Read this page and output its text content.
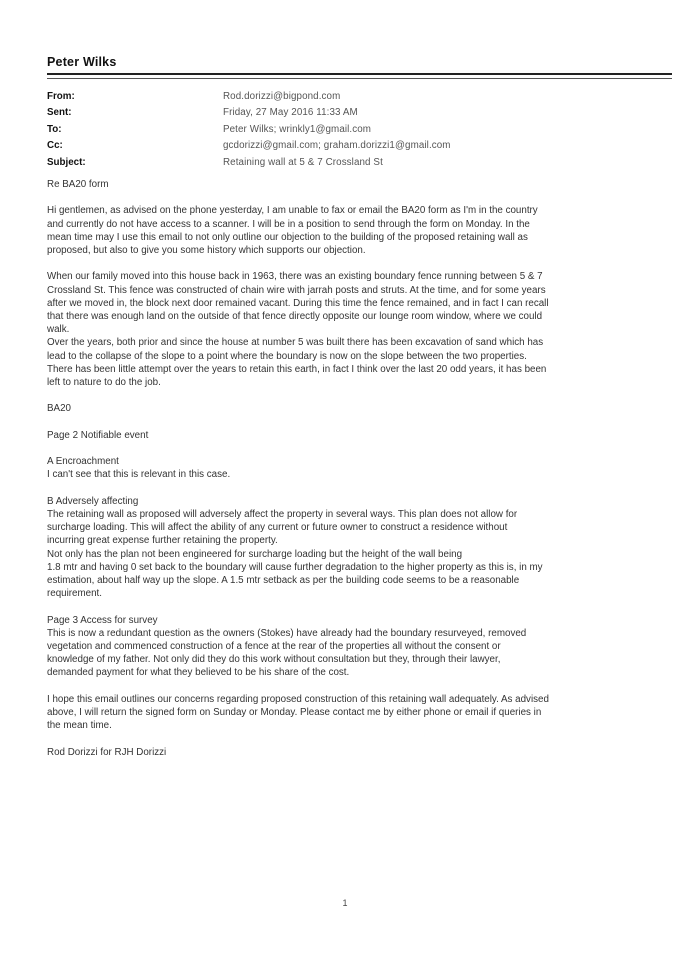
Peter Wilks
From:	Rod.dorizzi@bigpond.com
Sent:	Friday, 27 May 2016 11:33 AM
To:	Peter Wilks; wrinkly1@gmail.com
Cc:	gcdorizzi@gmail.com; graham.dorizzi1@gmail.com
Subject:	Retaining wall at 5 & 7 Crossland St

Re BA20 form

Hi gentlemen, as advised on the phone yesterday, I am unable to fax or email the BA20 form as I'm in the country

and currently do not have access to a scanner. I will be in a position to send through the form on Monday. In the

mean time may I use this email to not only outline our objection to the building of the proposed retaining wall as

proposed, but also to give you some history which supports our objection.

When our family moved into this house back in 1963, there was an existing boundary fence running between 5 & 7

Crossland St. This fence was constructed of chain wire with jarrah posts and struts. At the time, and for some years

after we moved in, the block next door remained vacant. During this time the fence remained, and in fact I can recall

that there was enough land on the outside of that fence directly opposite our lounge room window, where we could

walk.

Over the years, both prior and since the house at number 5 was built there has been excavation of sand which has

lead to the collapse of the slope to a point where the boundary is now on the slope between the two properties.

There has been little attempt over the years to retain this earth, in fact I think over the last 20 odd years, it has been

left to nature to do the job.

BA20

Page 2 Notifiable event

A Encroachment

I can't see that this is relevant in this case.

B Adversely affecting

The retaining wall as proposed will adversely affect the property in several ways. This plan does not allow for

surcharge loading. This will affect the ability of any current or future owner to construct a residence without

incurring great expense further retaining the property.

Not only has the plan not been engineered for surcharge loading but the height of the wall being

1.8 mtr and having 0 set back to the boundary will cause further degradation to the higher property as this is, in my

estimation, about half way up the slope. A 1.5 mtr setback as per the building code seems to be a reasonable

requirement.

Page 3 Access for survey

This is now a redundant question as the owners (Stokes) have already had the boundary resurveyed, removed

vegetation and commenced construction of a fence at the rear of the properties all without the consent or

knowledge of my father. Not only did they do this work without consultation but they, through their lawyer,

demanded payment for what they believed to be his share of the cost.

I hope this email outlines our concerns regarding proposed construction of this retaining wall adequately. As advised

above, I will return the signed form on Sunday or Monday. Please contact me by either phone or email if queries in

the mean time.

Rod Dorizzi for RJH Dorizzi

1
